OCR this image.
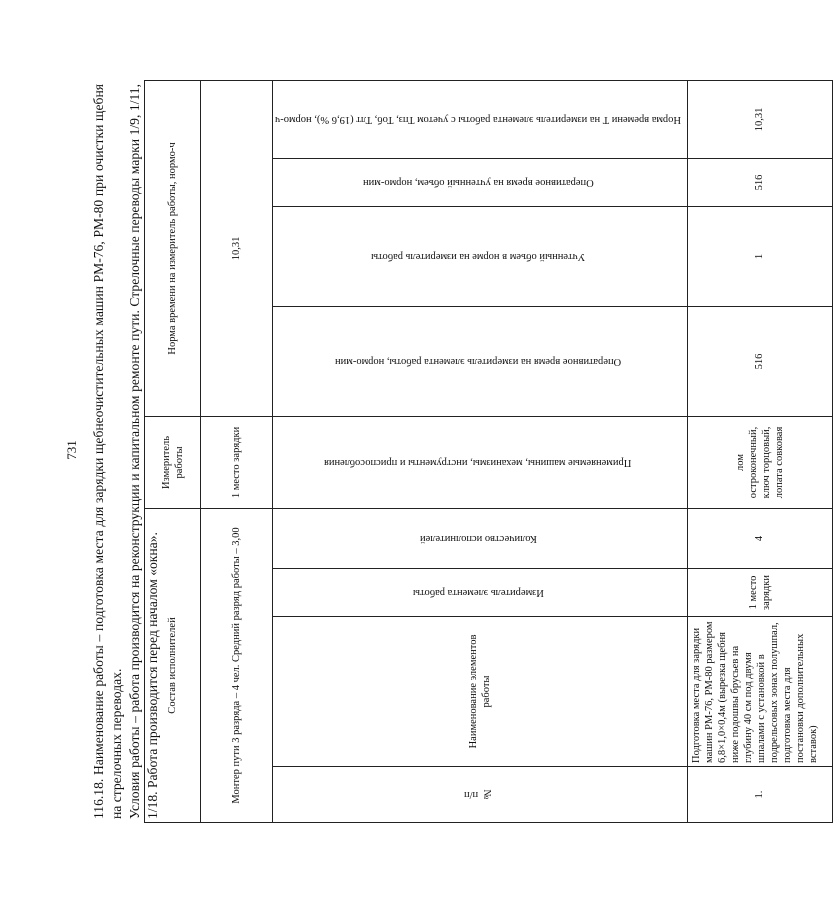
731 116.18. Наименование работы – подготовка места для зарядки щебнеочистительных машин РМ-76, РМ-80 при очистки щебня на стрелочных переводах. Условия работы – работа производится на реконструкции и капитальном ремонте пути. Стрелочные переводы марки 1/9, 1/11, 1/18. Работа производится перед началом «окна». Состав исполнителей				Измеритель работы	Норма времени на измеритель работы, нормо-ч			

Монтер пути 3 разряда – 4 чел. Средний разряд работы – 3,00				1 место зарядки	10,31			
№ п/п	Наименование элементов работы	Измеритель элемента работы	Количество исполнителей	Применяемые машины, механизмы, инструменты и приспособления	Оперативное время на измеритель элемента работы, нормо-мин	Учтенный объем в норме на измеритель работы	Оперативное время на учтенный объем, нормо-мин	Норма времени Т на измеритель элемента работы с учетом Тпз, Тоб, Тлт (19,6 %), нормо-ч
1.	Подготовка места для зарядки машин РМ-76, РМ-80 размером 6,8×1,0×0,4м (вырезка щебня ниже подошвы брусьев на глубину 40 см под двумя шпалами с установкой в подрельсовых зонах полушпал, подготовка места для постановки дополнительных вставок)	1 место зарядки	4	лом остроконечный, ключ торцовый, лопата совковая	516	1	516	10,31
